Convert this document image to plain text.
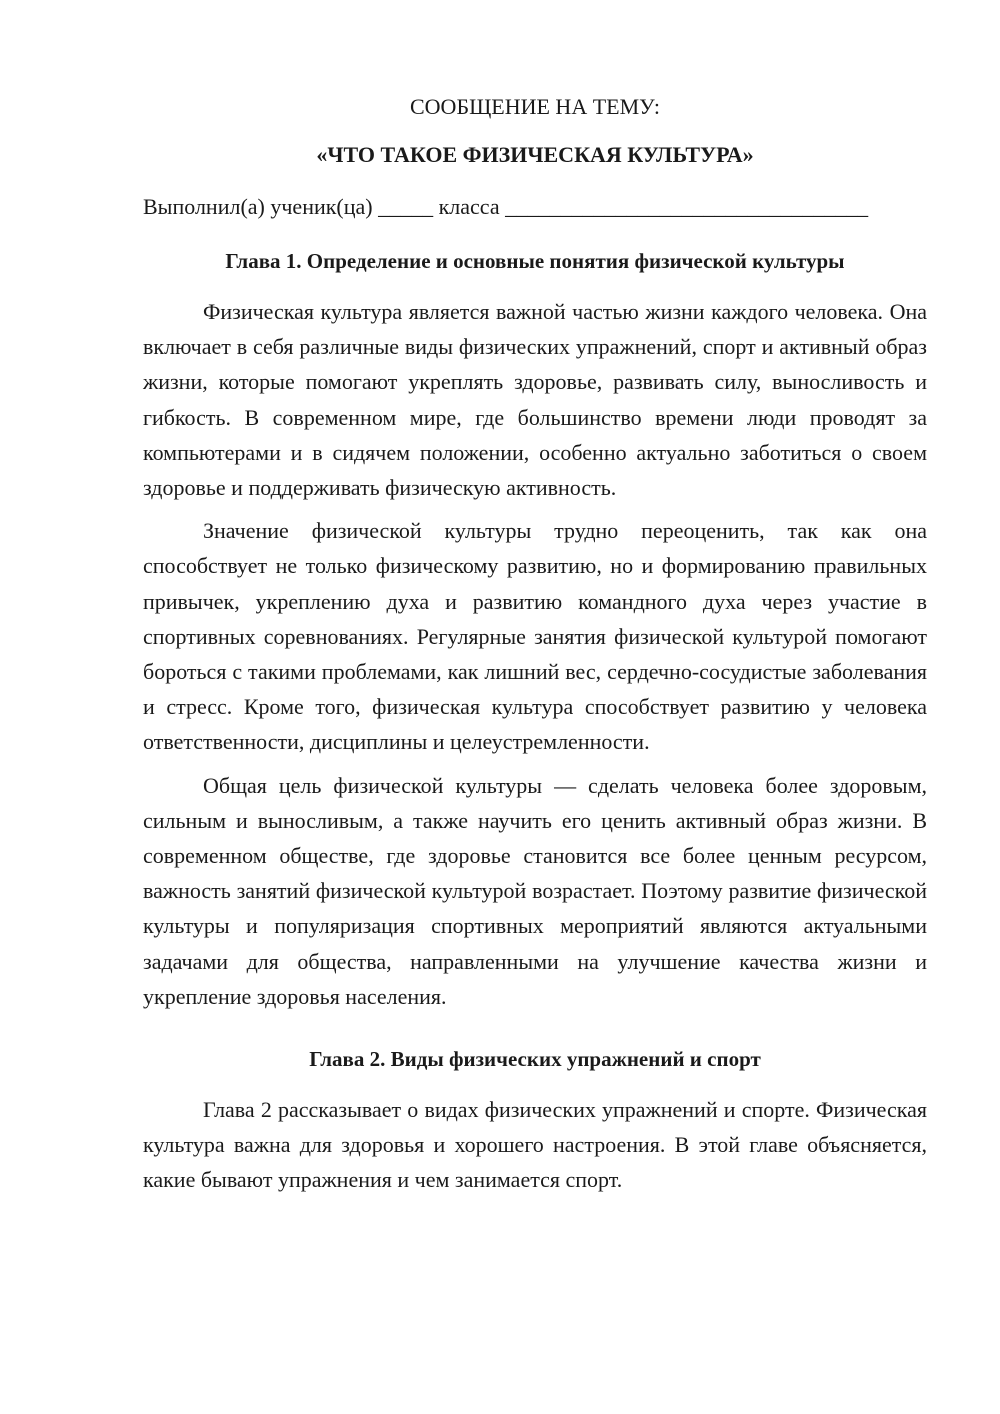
СООБЩЕНИЕ НА ТЕМУ:
«ЧТО ТАКОЕ ФИЗИЧЕСКАЯ КУЛЬТУРА»

Выполнил(а) ученик(ца) _____ класса _________________________________

Глава 1. Определение и основные понятия физической культуры

Физическая культура является важной частью жизни каждого человека. Она включает в себя различные виды физических упражнений, спорт и активный образ жизни, которые помогают укреплять здоровье, развивать силу, выносливость и гибкость. В современном мире, где большинство времени люди проводят за компьютерами и в сидячем положении, особенно актуально заботиться о своем здоровье и поддерживать физическую активность.

Значение физической культуры трудно переоценить, так как она способствует не только физическому развитию, но и формированию правильных привычек, укреплению духа и развитию командного духа через участие в спортивных соревнованиях. Регулярные занятия физической культурой помогают бороться с такими проблемами, как лишний вес, сердечно-сосудистые заболевания и стресс. Кроме того, физическая культура способствует развитию у человека ответственности, дисциплины и целеустремленности.

Общая цель физической культуры — сделать человека более здоровым, сильным и выносливым, а также научить его ценить активный образ жизни. В современном обществе, где здоровье становится все более ценным ресурсом, важность занятий физической культурой возрастает. Поэтому развитие физической культуры и популяризация спортивных мероприятий являются актуальными задачами для общества, направленными на улучшение качества жизни и укрепление здоровья населения.

Глава 2. Виды физических упражнений и спорт

Глава 2 рассказывает о видах физических упражнений и спорте. Физическая культура важна для здоровья и хорошего настроения. В этой главе объясняется, какие бывают упражнения и чем занимается спорт.
